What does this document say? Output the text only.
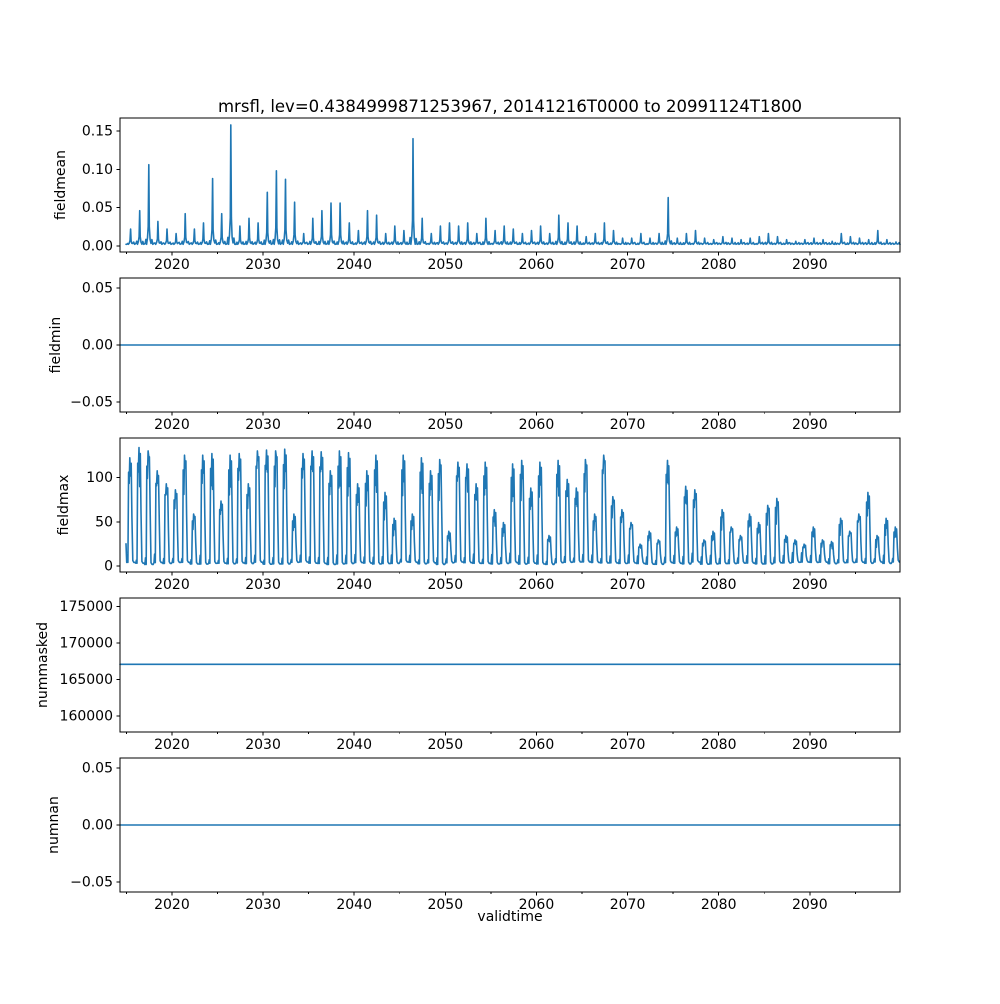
mrsfl, lev=0.4384999871253967, 20141216T0000 to 20991124T1800
2020	2030	2040	2050	2060	2070	2080	2090
0.00
0.05
0.10
0.15
fieldmean
2020	2030	2040	2050	2060	2070	2080	2090
−0.05
0.00
0.05
fieldmin
2020	2030	2040	2050	2060	2070	2080	2090
0
50
100
fieldmax
2020	2030	2040	2050	2060	2070	2080	2090
160000
165000
170000
175000
nummasked
2020	2030	2040	2050	2060	2070	2080	2090
−0.05
0.00
0.05
numnan
validtime
